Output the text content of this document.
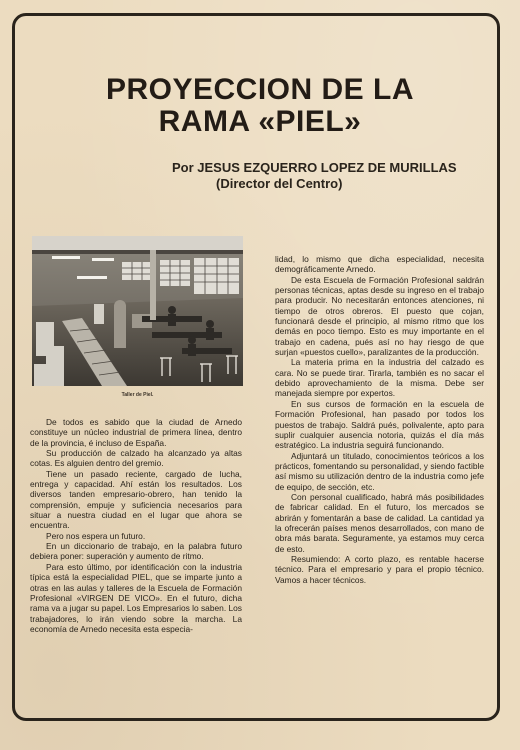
PROYECCION DE LA
RAMA «PIEL»
Por JESUS EZQUERRO LOPEZ DE MURILLAS
(Director del Centro)
Taller de Piel.

De todos es sabido que la ciudad de Arnedo constituye un núcleo industrial de primera línea, dentro de la provincia, é incluso de España.

Su producción de calzado ha alcanzado ya altas cotas. Es alguien dentro del gremio.

Tiene un pasado reciente, cargado de lucha, entrega y capacidad. Ahí están los resultados. Los diversos tanden empresario-obrero, han tenido la comprensión, empuje y suficiencia necesarios para situar a nuestra ciudad en el lugar que ahora se encuentra.

Pero nos espera un futuro.

En un diccionario de trabajo, en la palabra futuro debiera poner: superación y aumento de ritmo.

Para esto último, por identificación con la industria típica está la especialidad PIEL, que se imparte junto a otras en las aulas y talleres de la Escuela de Formación Profesional «VIRGEN DE VICO». En el futuro, dicha rama va a jugar su papel. Los Empresarios lo saben. Los trabajadores, lo irán viendo sobre la marcha. La economía de Arnedo necesita esta especia-

lidad, lo mismo que dicha especialidad, necesita demográficamente Arnedo.

De esta Escuela de Formación Profesional saldrán personas técnicas, aptas desde su ingreso en el trabajo para producir. No necesitarán entonces atenciones, ni tiempo de otros obreros. El puesto que cojan, funcionará desde el principio, al mismo ritmo que los demás en poco tiempo. Esto es muy importante en el trabajo en cadena, pués así no hay riesgo de que surjan «puestos cuello», paralizantes de la producción.

La materia prima en la industria del calzado es cara. No se puede tirar. Tirarla, también es no sacar el debido aprovechamiento de la misma. Debe ser manejada siempre por expertos.

En sus cursos de formación en la escuela de Formación Profesional, han pasado por todos los puestos de trabajo. Saldrá pués, polivalente, apto para suplir cualquier ausencia notoria, quizás el día más estratégico. La industria seguirá funcionando.

Adjuntará un titulado, conocimientos teóricos a los prácticos, fomentando su personalidad, y siendo factible así mismo su utilización dentro de la industria como jefe de equipo, de sección, etc.

Con personal cualificado, habrá más posibilidades de fabricar calidad. En el futuro, los mercados se abrirán y fomentarán a base de calidad. La cantidad ya la ofrecerán países menos desarrollados, con mano de obra más barata. Seguramente, ya estamos muy cerca de esto.

Resumiendo: A corto plazo, es rentable hacerse técnico. Para el empresario y para el propio técnico. Vamos a hacer técnicos.
